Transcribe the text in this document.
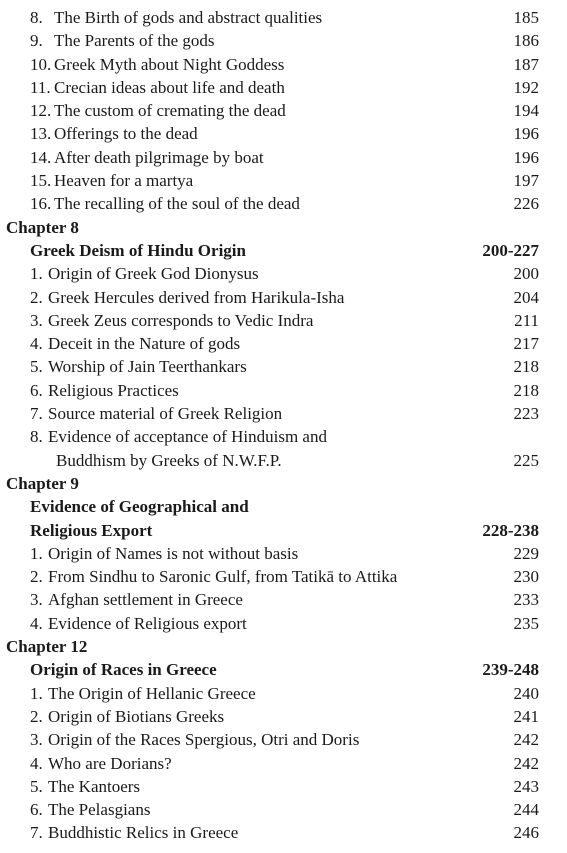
8. The Birth of gods and abstract qualities	185
9. The Parents of the gods	186
10. Greek Myth about Night Goddess	187
11. Crecian ideas about life and death	192
12. The custom of cremating the dead	194
13. Offerings to the dead	196
14. After death pilgrimage by boat	196
15. Heaven for a martya	197
16. The recalling of the soul of the dead	226
Chapter 8
Greek Deism of Hindu Origin	200-227
1. Origin of Greek God Dionysus	200
2. Greek Hercules derived from Harikula-Isha	204
3. Greek Zeus corresponds to Vedic Indra	211
4. Deceit in the Nature of gods	217
5. Worship of Jain Teerthankars	218
6. Religious Practices	218
7. Source material of Greek Religion	223
8. Evidence of acceptance of Hinduism and
Buddhism by Greeks of N.W.F.P.	225
Chapter 9
Evidence of Geographical and
Religious Export	228-238
1. Origin of Names is not without basis	229
2. From Sindhu to Saronic Gulf, from Tatikā to Attika	230
3. Afghan settlement in Greece	233
4. Evidence of Religious export	235
Chapter 12
Origin of Races in Greece	239-248
1. The Origin of Hellanic Greece	240
2. Origin of Biotians Greeks	241
3. Origin of the Races Spergious, Otri and Doris	242
4. Who are Dorians?	242
5. The Kantoers	243
6. The Pelasgians	244
7. Buddhistic Relics in Greece	246
